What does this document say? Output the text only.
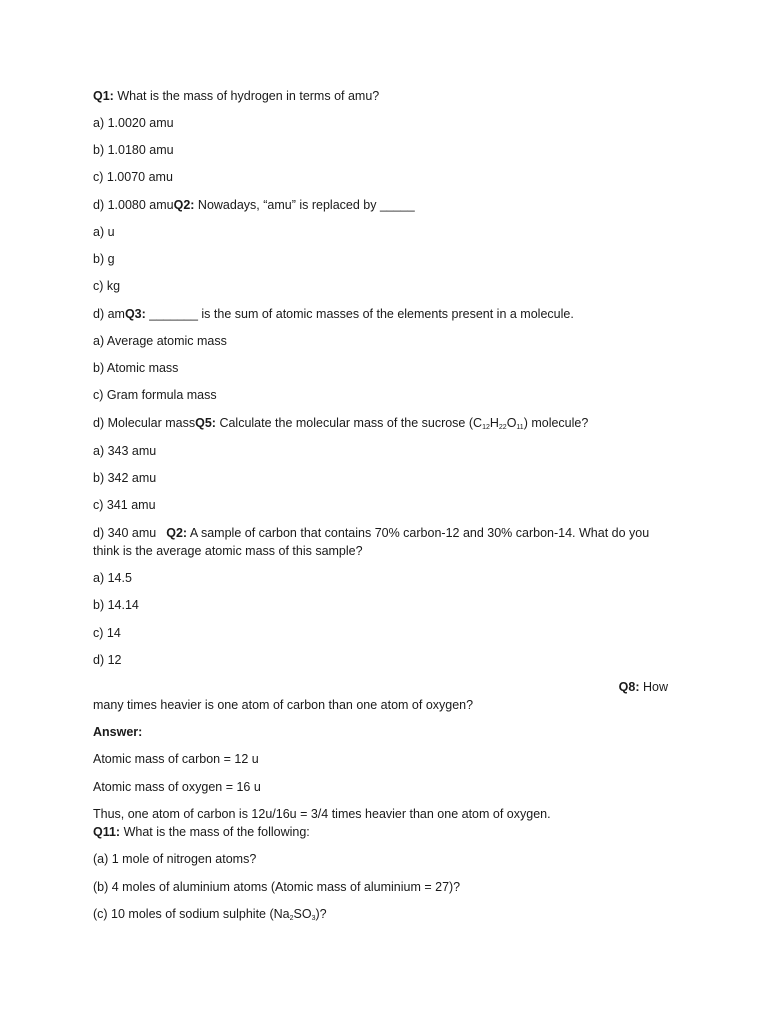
Q1: What is the mass of hydrogen in terms of amu?
a) 1.0020 amu
b) 1.0180 amu
c) 1.0070 amu
d) 1.0080 amuQ2: Nowadays, “amu” is replaced by _____
a) u
b) g
c) kg
d) amQ3: _______ is the sum of atomic masses of the elements present in a molecule.
a) Average atomic mass
b) Atomic mass
c) Gram formula mass
d) Molecular massQ5: Calculate the molecular mass of the sucrose $(C_{12}H_{22}O_{11})$ molecule?
a) 343 amu
b) 342 amu
c) 341 amu
d) 340 amu Q2: A sample of carbon that contains 70% carbon-12 and 30% carbon-14. What do you
think is the average atomic mass of this sample?
a) 14.5
b) 14.14
c) 14
d) 12
Q8: How
many times heavier is one atom of carbon than one atom of oxygen?
Answer:
Atomic mass of carbon = 12 u
Atomic mass of oxygen = 16 u
Thus, one atom of carbon is 12u/16u = 3/4 times heavier than one atom of oxygen.
Q11: What is the mass of the following:
(a) 1 mole of nitrogen atoms?
(b) 4 moles of aluminium atoms (Atomic mass of aluminium = 27)?
(c) 10 moles of sodium sulphite $(Na_2SO_3)$?
